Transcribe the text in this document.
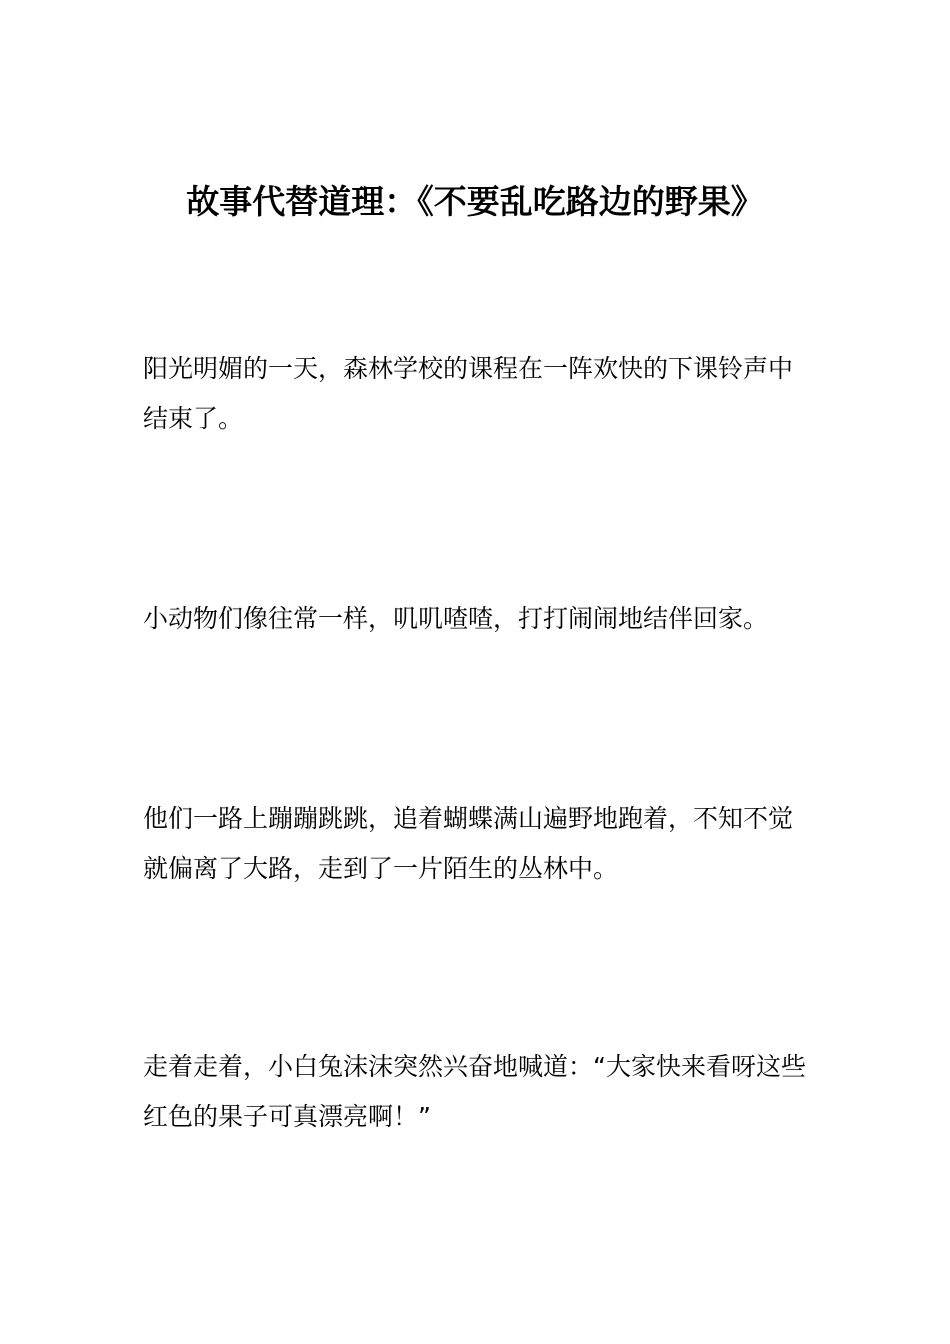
故事代替道理：《不要乱吃路边的野果》

阳光明媚的一天，森林学校的课程在一阵欢快的下课铃声中结束了。

小动物们像往常一样，叽叽喳喳，打打闹闹地结伴回家。

他们一路上蹦蹦跳跳，追着蝴蝶满山遍野地跑着，不知不觉就偏离了大路，走到了一片陌生的丛林中。

走着走着，小白兔沫沫突然兴奋地喊道：“大家快来看呀这些红色的果子可真漂亮啊！”
